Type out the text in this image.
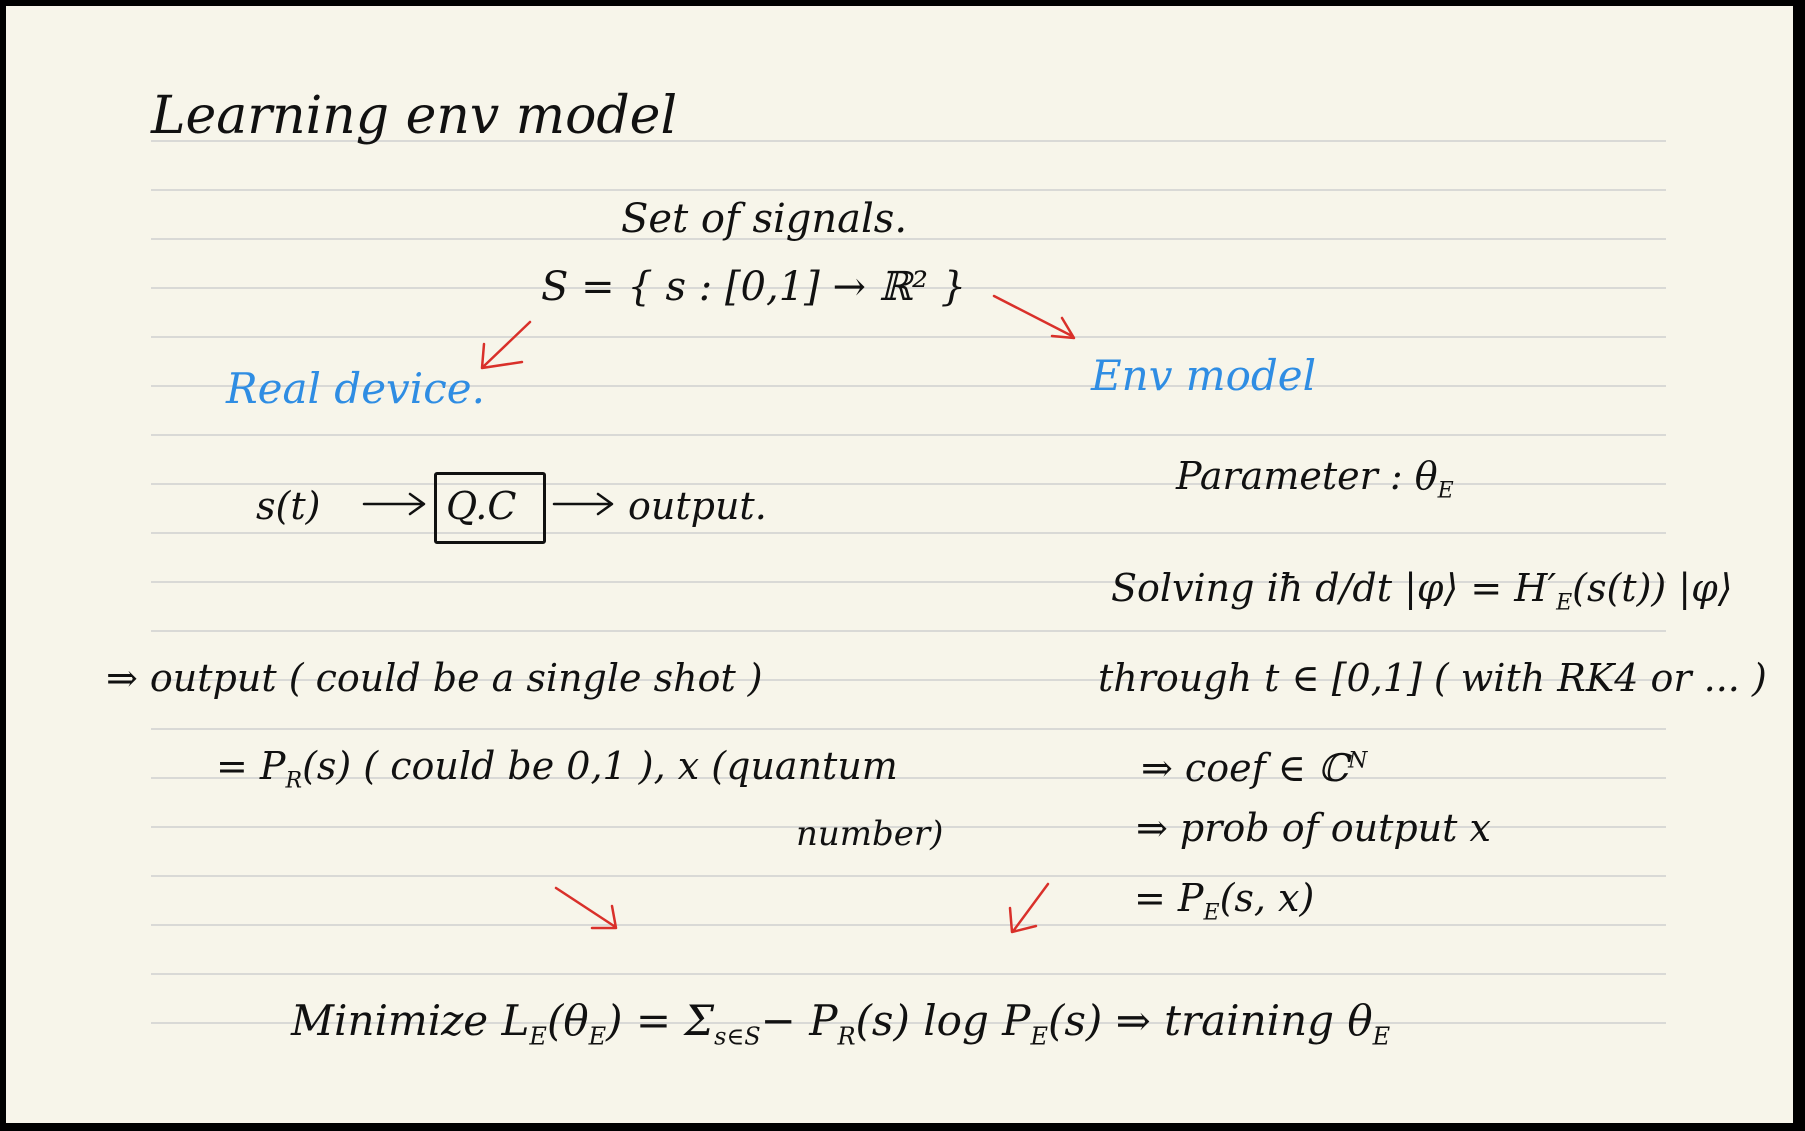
Learning env model
Set of signals.
S = { s : [0,1] → ℝ² }
Real device.
s(t)	Q.C	output.
⇒ output ( could be a single shot )
= $P_R(s)$ ( could be 0,1 ), x (quantum
number)
Env model
Parameter : $\theta_E$
Solving iħ d/dt |φ⟩ = $H'_E(s(t))$ |φ⟩
through t ∈ [0,1] ( with RK4 or ... )
⇒ coef ∈ ℂ$^N$
⇒ prob of output x
= $P_E(s$, x)
Minimize $L_E(\theta_E) = \Sigma_{s\in S}- P_R(s)$ $\log P_E(s)$ ⇒ training $\theta_E$
